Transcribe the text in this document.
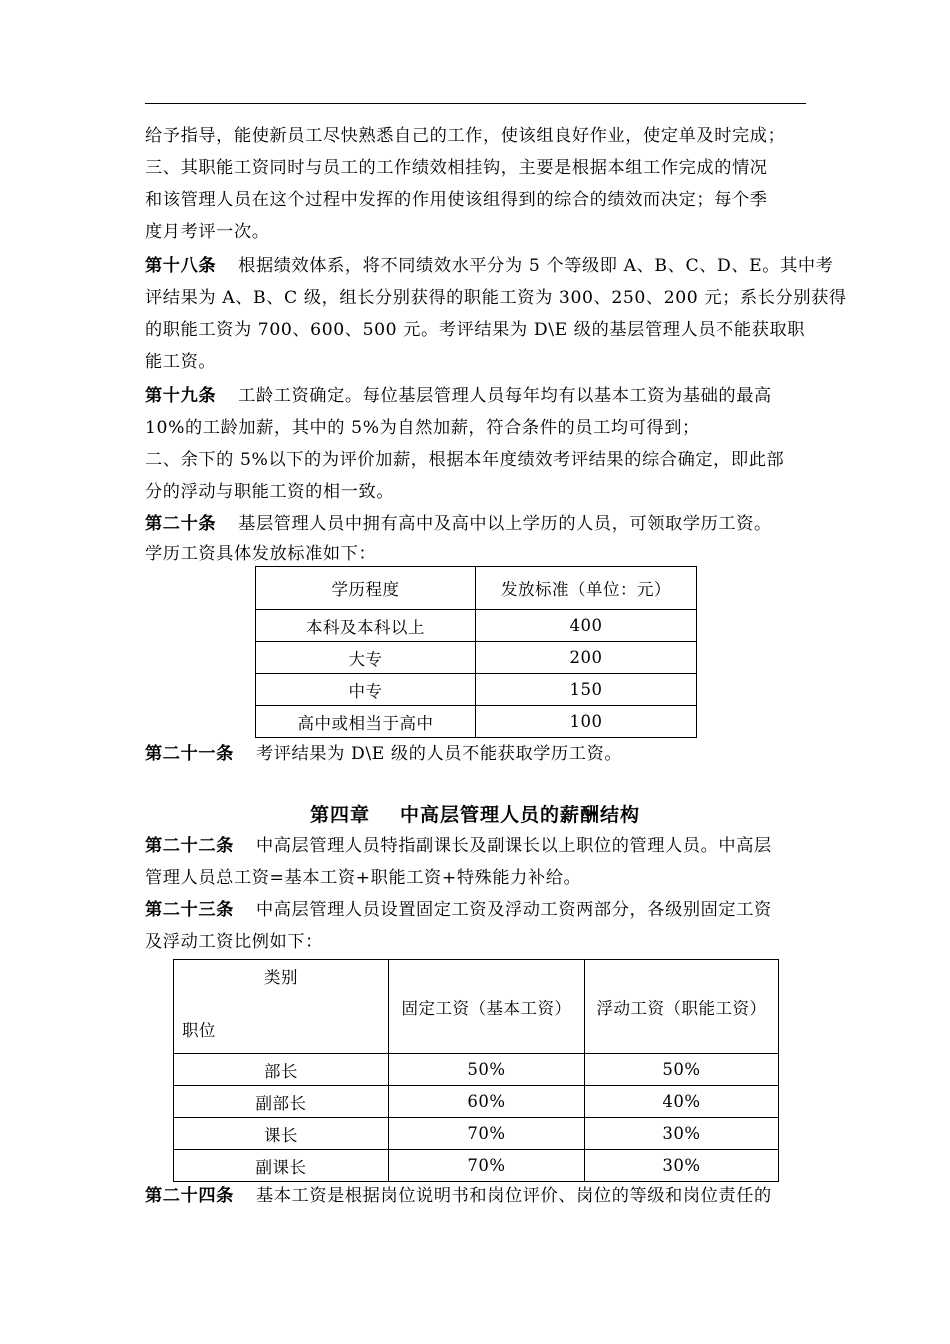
给予指导，能使新员工尽快熟悉自己的工作，使该组良好作业，使定单及时完成；
三、其职能工资同时与员工的工作绩效相挂钩，主要是根据本组工作完成的情况
和该管理人员在这个过程中发挥的作用使该组得到的综合的绩效而决定；每个季
度月考评一次。
第十八条 根据绩效体系，将不同绩效水平分为 5 个等级即 A、B、C、D、E。其中考
评结果为 A、B、C 级，组长分别获得的职能工资为 300、250、200 元；系长分别获得
的职能工资为 700、600、500 元。考评结果为 D\E 级的基层管理人员不能获取职
能工资。
第十九条 工龄工资确定。每位基层管理人员每年均有以基本工资为基础的最高
10%的工龄加薪，其中的 5%为自然加薪，符合条件的员工均可得到；
二、余下的 5%以下的为评价加薪，根据本年度绩效考评结果的综合确定，即此部
分的浮动与职能工资的相一致。
第二十条 基层管理人员中拥有高中及高中以上学历的人员，可领取学历工资。
学历工资具体发放标准如下：
学历程度	发放标准（单位：元）
本科及本科以上	400
大专	200
中专	150
高中或相当于高中	100
第二十一条 考评结果为 D\E 级的人员不能获取学历工资。
第四章 中高层管理人员的薪酬结构
第二十二条 中高层管理人员特指副课长及副课长以上职位的管理人员。中高层
管理人员总工资=基本工资+职能工资+特殊能力补给。
第二十三条 中高层管理人员设置固定工资及浮动工资两部分，各级别固定工资
及浮动工资比例如下：
类别
职位	固定工资（基本工资）	浮动工资（职能工资）
部长	50%	50%
副部长	60%	40%
课长	70%	30%
副课长	70%	30%
第二十四条 基本工资是根据岗位说明书和岗位评价、岗位的等级和岗位责任的
